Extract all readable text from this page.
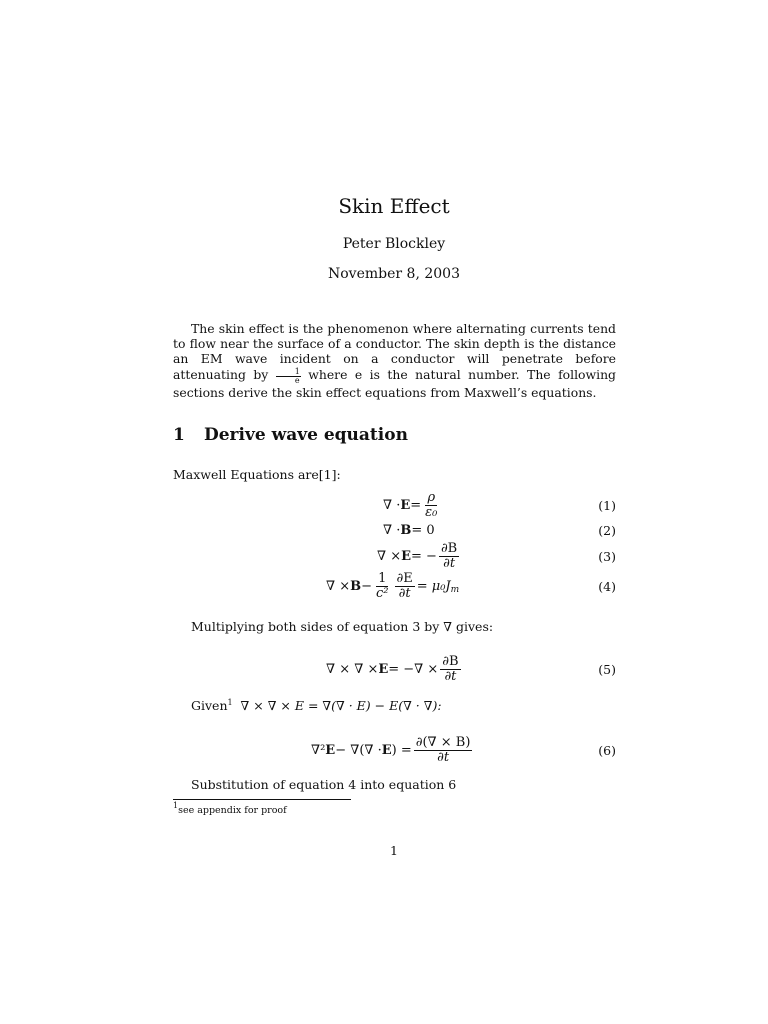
Skin Effect
Peter Blockley
November 8, 2003
The skin effect is the phenomenon where alternating currents tend to flow near the surface of a conductor. The skin depth is the distance an EM wave incident on a conductor will penetrate before attenuating by $\frac{1}{e}$ where e is the natural number. The following sections derive the skin effect equations from Maxwell’s equations.
1 Derive wave equation
Maxwell Equations are[1]:
∇ · $E = \frac{\rho}{\text{ε₀}}$	(1)
∇ · B = 0	(2)
∇ × E = − $\frac{\partial B}{\partial t}$	(3)
∇ × $B - \frac{1}{\text{c²}} \frac{\partial E}{\partial t} = \mu_0J$ m	(4)
Multiplying both sides of equation 3 by ∇ gives:
∇ × ∇ × E = −∇ × $\frac{\partial B}{\partial t}$	(5)
Given$^1$ ∇ × ∇ × E = ∇(∇ · E) − E(∇ · ∇):
∇² E − ∇(∇ · E ) = $\frac{\partial(\nabla \times B)}{\partial t}$	(6)
Substitution of equation 4 into equation 6
$^1$see appendix for proof
1
